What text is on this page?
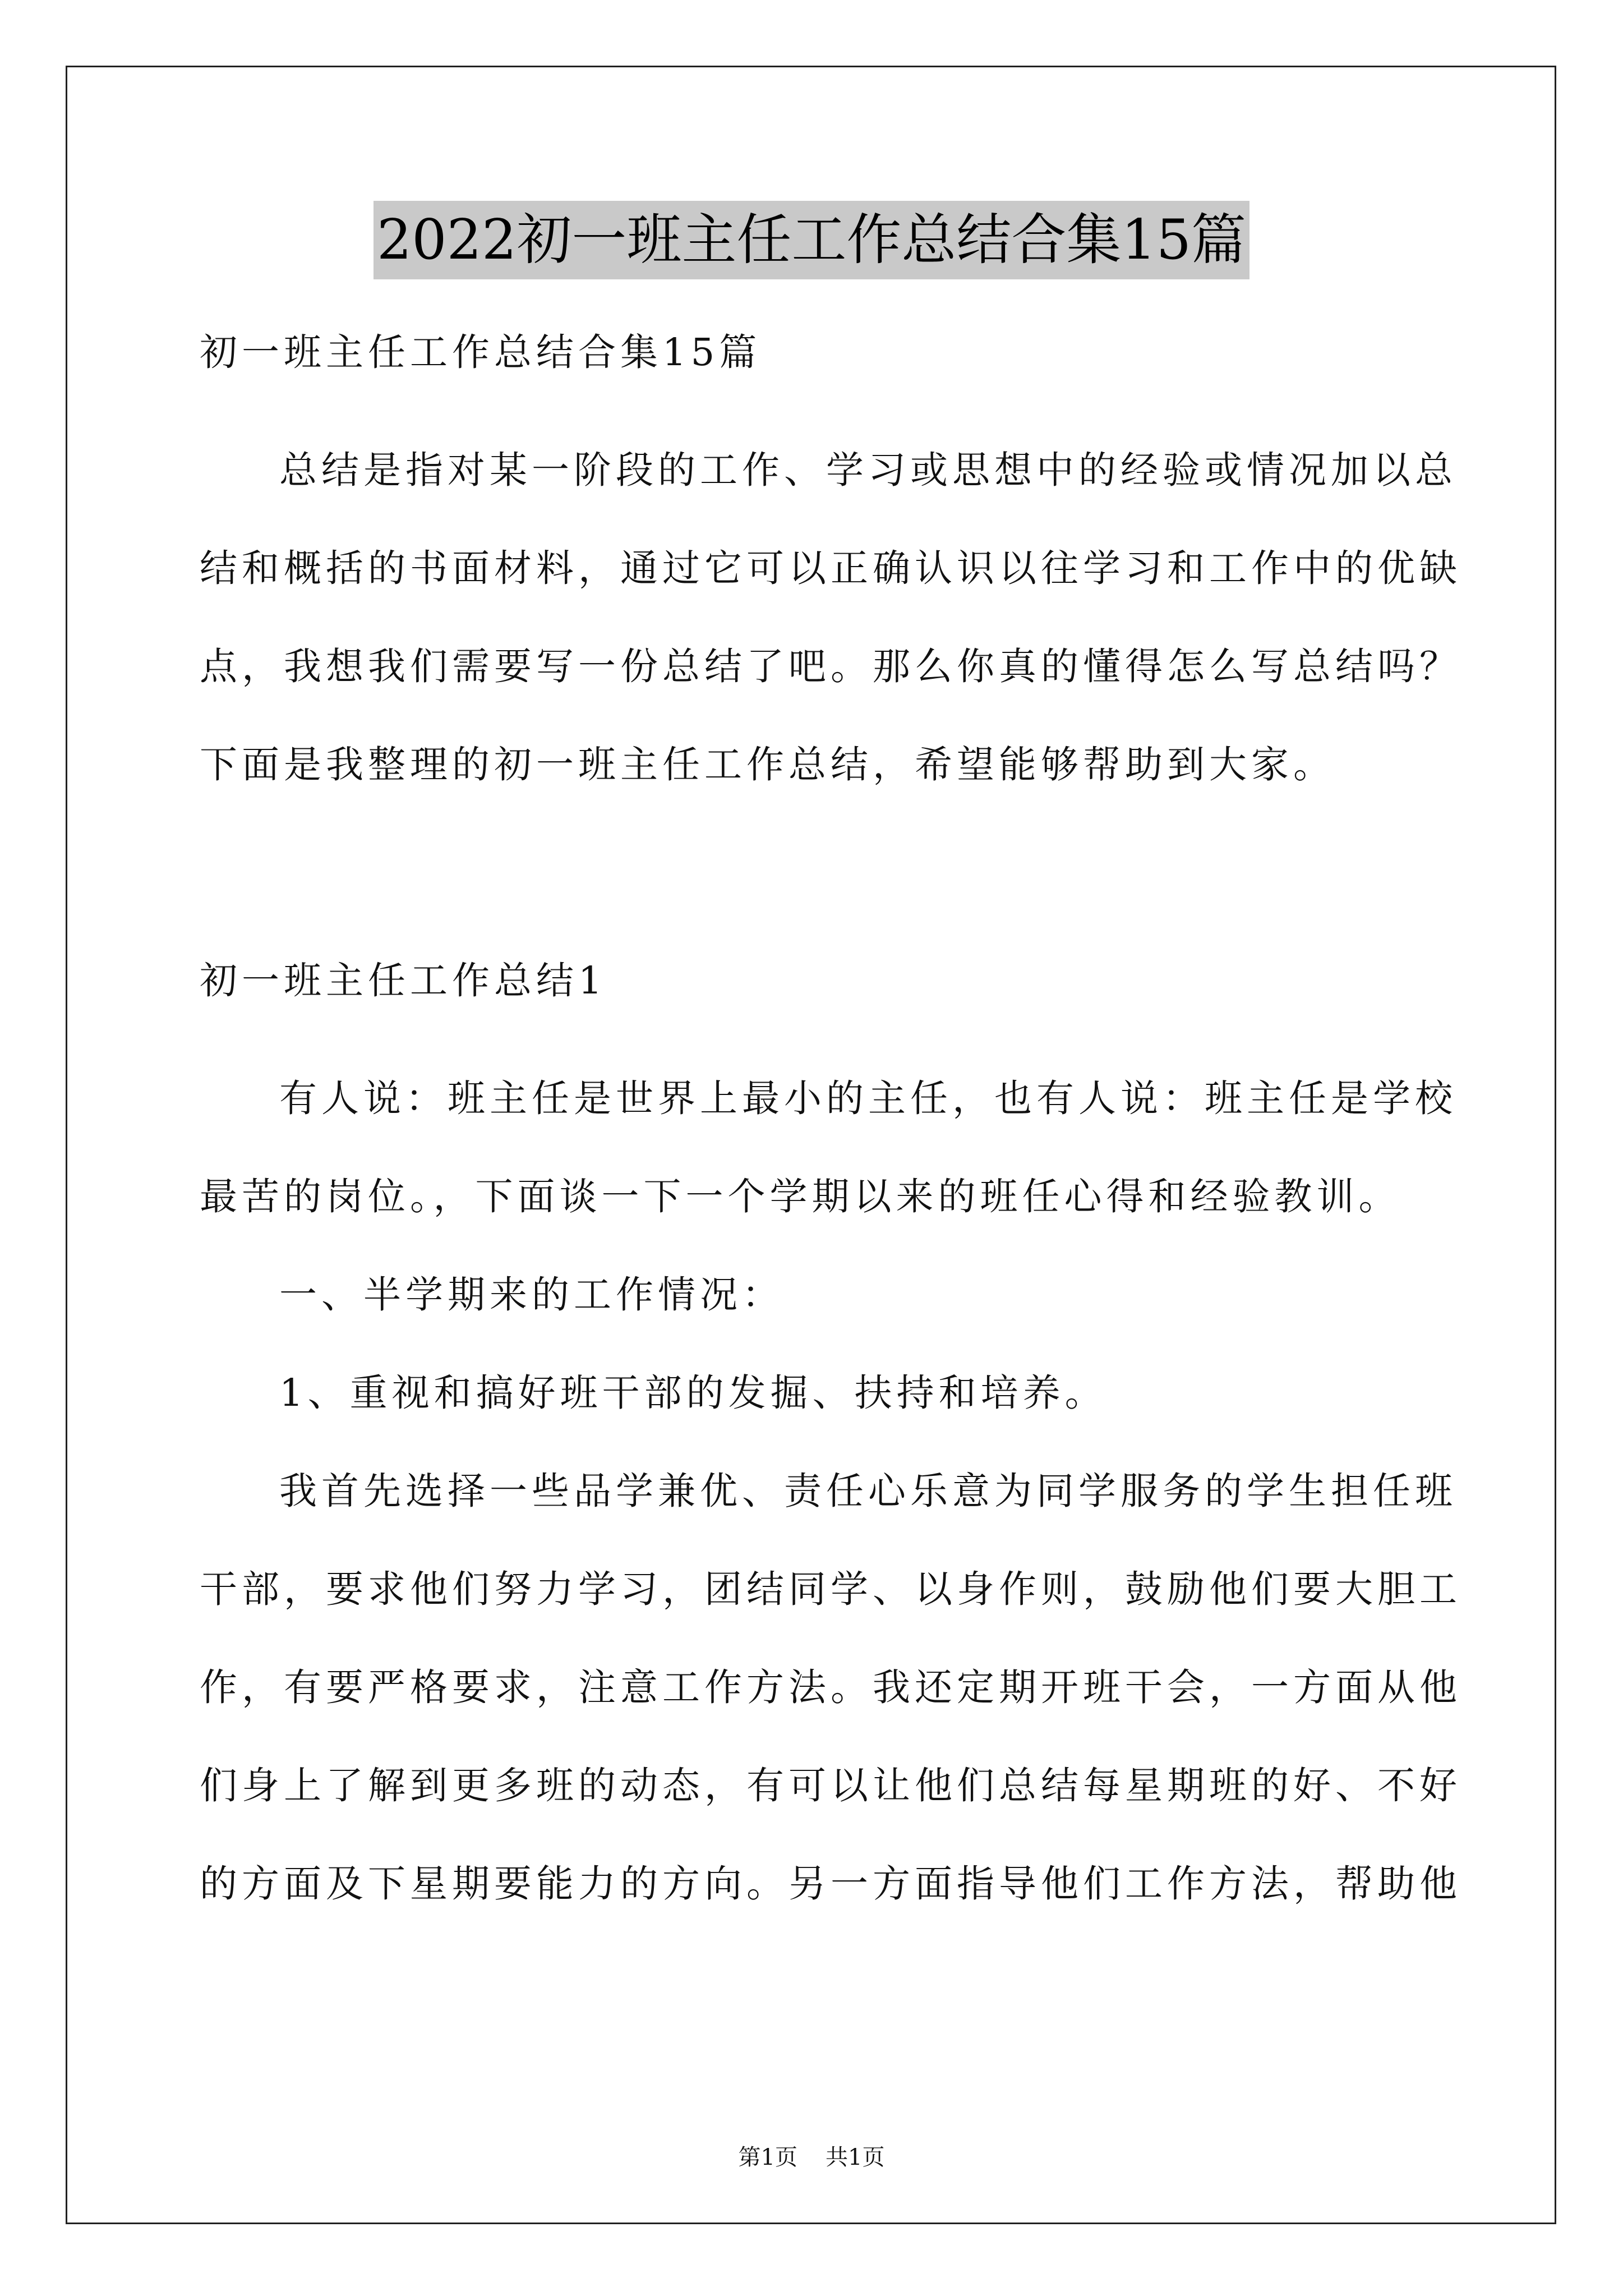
2022初一班主任工作总结合集15篇
初一班主任工作总结合集15篇
总结是指对某一阶段的工作、学习或思想中的经验或情况加以总
结和概括的书面材料，通过它可以正确认识以往学习和工作中的优缺
点，我想我们需要写一份总结了吧。那么你真的懂得怎么写总结吗？
下面是我整理的初一班主任工作总结，希望能够帮助到大家。
初一班主任工作总结1
有人说：班主任是世界上最小的主任，也有人说：班主任是学校
最苦的岗位。，下面谈一下一个学期以来的班任心得和经验教训。
一、半学期来的工作情况：
1、重视和搞好班干部的发掘、扶持和培养。
我首先选择一些品学兼优、责任心乐意为同学服务的学生担任班
干部，要求他们努力学习，团结同学、以身作则，鼓励他们要大胆工
作，有要严格要求，注意工作方法。我还定期开班干会，一方面从他
们身上了解到更多班的动态，有可以让他们总结每星期班的好、不好
的方面及下星期要能力的方向。另一方面指导他们工作方法，帮助他
第1页 共1页
